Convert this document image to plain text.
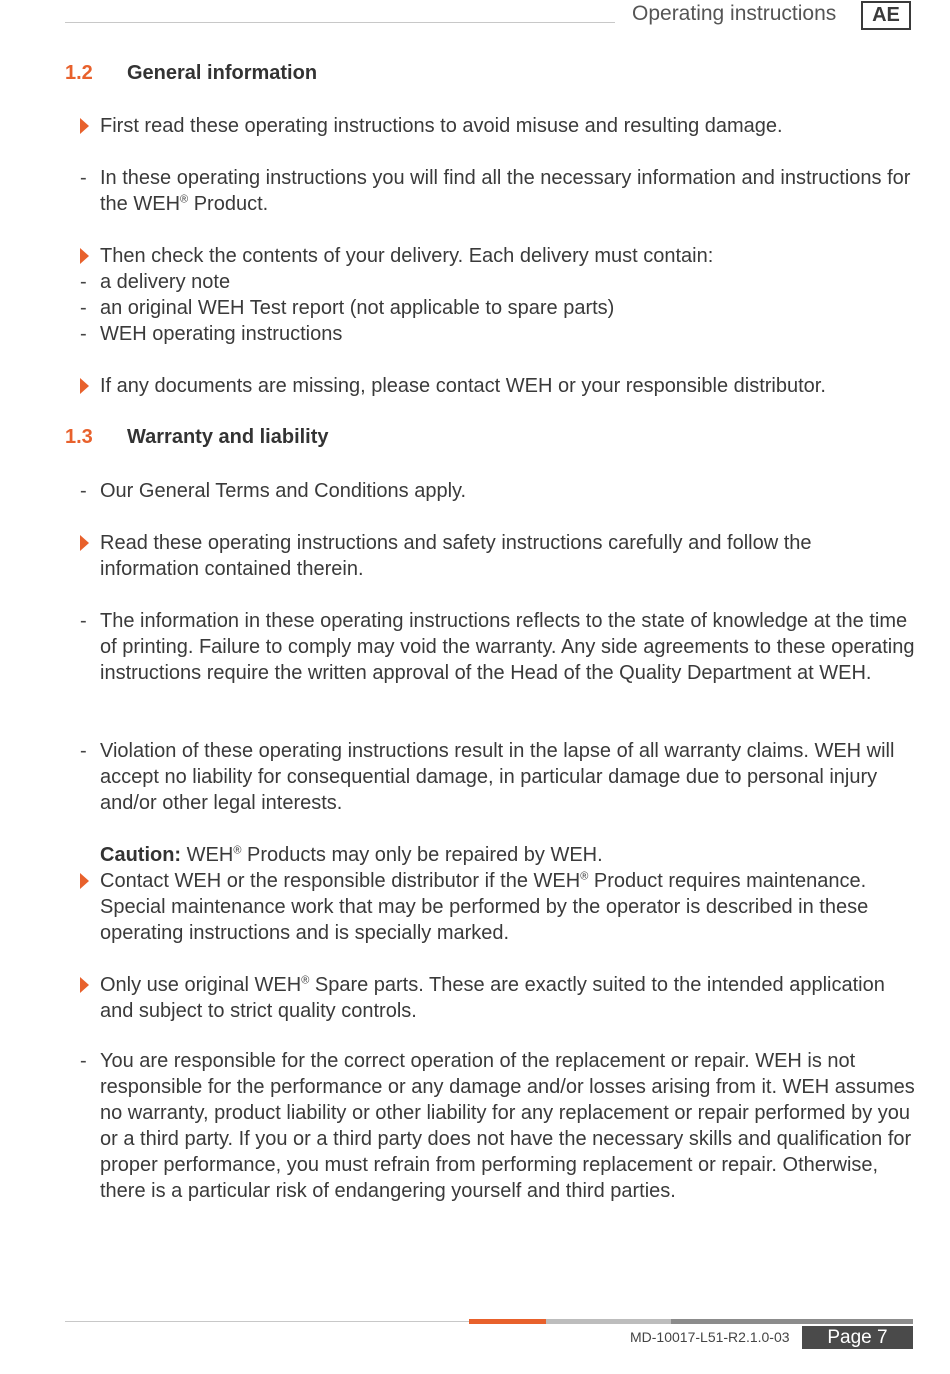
Operating instructions	AE
1.2 General information
First read these operating instructions to avoid misuse and resulting damage.
- In these operating instructions you will find all the necessary information and instructions for the WEH® Product.
Then check the contents of your delivery. Each delivery must contain:
- a delivery note
- an original WEH Test report (not applicable to spare parts)
- WEH operating instructions
If any documents are missing, please contact WEH or your responsible distributor.
1.3 Warranty and liability
- Our General Terms and Conditions apply.
Read these operating instructions and safety instructions carefully and follow the information contained therein.
- The information in these operating instructions reflects to the state of knowledge at the time of printing. Failure to comply may void the warranty. Any side agreements to these operating instructions require the written approval of the Head of the Quality Department at WEH.
- Violation of these operating instructions result in the lapse of all warranty claims. WEH will accept no liability for consequential damage, in particular damage due to personal injury and/or other legal interests.
Caution: WEH® Products may only be repaired by WEH.
Contact WEH or the responsible distributor if the WEH® Product requires maintenance. Special maintenance work that may be performed by the operator is described in these operating instructions and is specially marked.
Only use original WEH® Spare parts. These are exactly suited to the intended application and subject to strict quality controls.
- You are responsible for the correct operation of the replacement or repair. WEH is not responsible for the performance or any damage and/or losses arising from it. WEH assumes no warranty, product liability or other liability for any replacement or repair performed by you or a third party. If you or a third party does not have the necessary skills and qualification for proper performance, you must refrain from performing replacement or repair. Otherwise, there is a particular risk of endangering yourself and third parties.
MD-10017-L51-R2.1.0-03	Page 7
